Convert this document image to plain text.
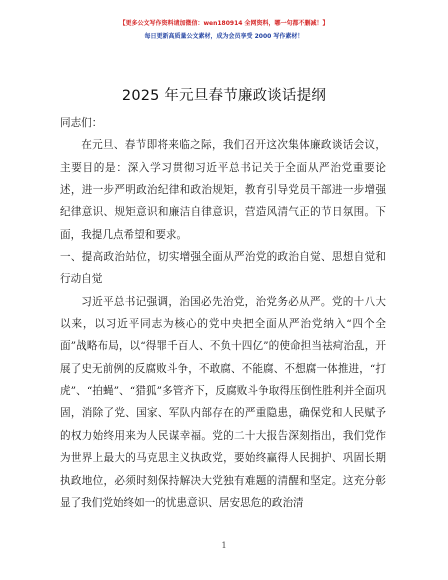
【更多公文写作资料请加微信：wen180914 全网资料，哪一句都不删减！】
每日更新高质量公文素材，成为会员享受 2000 写作素材！
2025 年元旦春节廉政谈话提纲

同志们：

在元旦、春节即将来临之际，我们召开这次集体廉政谈话会议，主要目的是：深入学习贯彻习近平总书记关于全面从严治党重要论述，进一步严明政治纪律和政治规矩，教育引导党员干部进一步增强纪律意识、规矩意识和廉洁自律意识，营造风清气正的节日氛围。下面，我提几点希望和要求。

一、提高政治站位，切实增强全面从严治党的政治自觉、思想自觉和行动自觉

习近平总书记强调，治国必先治党，治党务必从严。党的十八大以来，以习近平同志为核心的党中央把全面从严治党纳入“四个全面”战略布局，以“得罪千百人、不负十四亿”的使命担当祛疴治乱，开展了史无前例的反腐败斗争，不敢腐、不能腐、不想腐一体推进，“打虎”、“拍蝇”、“猎狐”多管齐下，反腐败斗争取得压倒性胜利并全面巩固，消除了党、国家、军队内部存在的严重隐患，确保党和人民赋予的权力始终用来为人民谋幸福。党的二十大报告深刻指出，我们党作为世界上最大的马克思主义执政党，要始终赢得人民拥护、巩固长期执政地位，必须时刻保持解决大党独有难题的清醒和坚定。这充分彰显了我们党始终如一的忧患意识、居安思危的政治清

1
